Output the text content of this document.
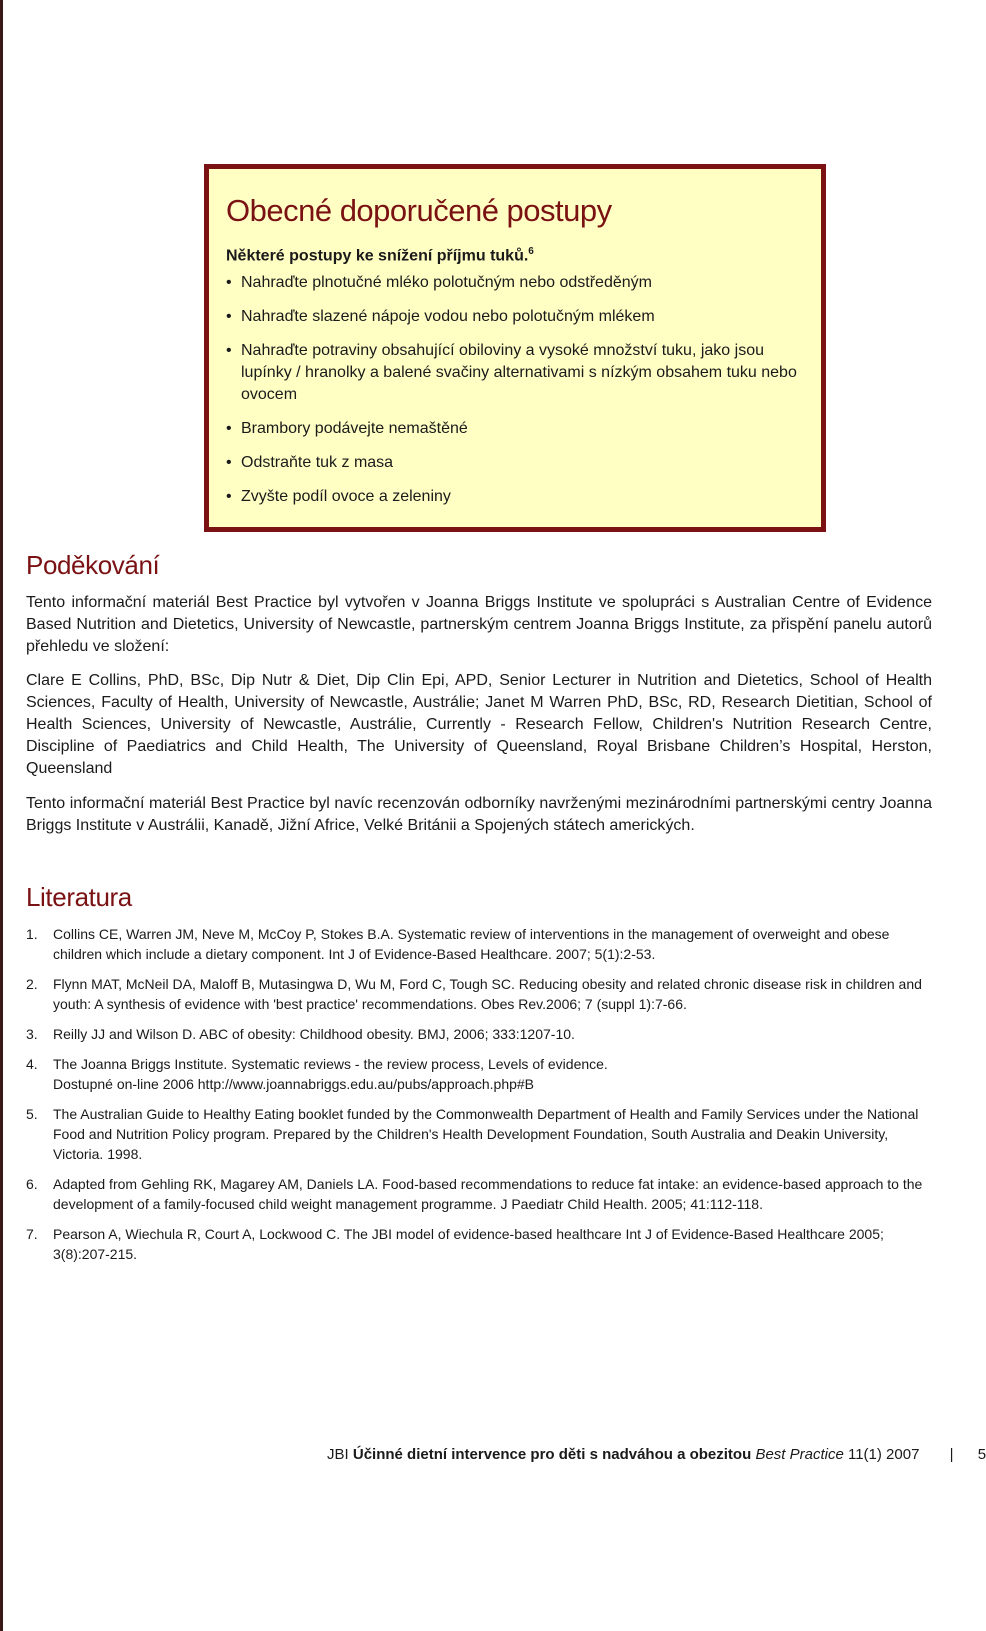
Obecné doporučené postupy
Některé postupy ke snížení příjmu tuků.$^6$
• Nahraďte plnotučné mléko polotučným nebo odstředěným
• Nahraďte slazené nápoje vodou nebo polotučným mlékem
• Nahraďte potraviny obsahující obiloviny a vysoké množství tuku, jako jsou lupínky / hranolky a balené svačiny alternativami s nízkým obsahem tuku nebo ovocem
• Brambory podávejte nemaštěné
• Odstraňte tuk z masa
• Zvyšte podíl ovoce a zeleniny
Poděkování

Tento informační materiál Best Practice byl vytvořen v Joanna Briggs Institute ve spolupráci s Australian Centre of Evidence Based Nutrition and Dietetics, University of Newcastle, partnerským centrem Joanna Briggs Institute, za přispění panelu autorů přehledu ve složení:

Clare E Collins, PhD, BSc, Dip Nutr & Diet, Dip Clin Epi, APD, Senior Lecturer in Nutrition and Dietetics, School of Health Sciences, Faculty of Health, University of Newcastle, Austrálie; Janet M Warren PhD, BSc, RD, Research Dietitian, School of Health Sciences, University of Newcastle, Austrálie, Currently - Research Fellow, Children's Nutrition Research Centre, Discipline of Paediatrics and Child Health, The University of Queensland, Royal Brisbane Children’s Hospital, Herston, Queensland

Tento informační materiál Best Practice byl navíc recenzován odborníky navrženými mezinárodními partnerskými centry Joanna Briggs Institute v Austrálii, Kanadě, Jižní Africe, Velké Británii a Spojených státech amerických.

Literatura
1. Collins CE, Warren JM, Neve M, McCoy P, Stokes B.A. Systematic review of interventions in the management of overweight and obese children which include a dietary component. Int J of Evidence-Based Healthcare. 2007; 5(1):2-53.
2. Flynn MAT, McNeil DA, Maloff B, Mutasingwa D, Wu M, Ford C, Tough SC. Reducing obesity and related chronic disease risk in children and youth: A synthesis of evidence with 'best practice' recommendations. Obes Rev.2006; 7 (suppl 1):7-66.
3. Reilly JJ and Wilson D. ABC of obesity: Childhood obesity. BMJ, 2006; 333:1207-10.
4. The Joanna Briggs Institute. Systematic reviews - the review process, Levels of evidence.
Dostupné on-line 2006 http://www.joannabriggs.edu.au/pubs/approach.php#B
5. The Australian Guide to Healthy Eating booklet funded by the Commonwealth Department of Health and Family Services under the National Food and Nutrition Policy program. Prepared by the Children's Health Development Foundation, South Australia and Deakin University, Victoria. 1998.
6. Adapted from Gehling RK, Magarey AM, Daniels LA. Food-based recommendations to reduce fat intake: an evidence-based approach to the development of a family-focused child weight management programme. J Paediatr Child Health. 2005; 41:112-118.
7. Pearson A, Wiechula R, Court A, Lockwood C. The JBI model of evidence-based healthcare Int J of Evidence-Based Healthcare 2005; 3(8):207-215.
JBI Účinné dietní intervence pro děti s nadváhou a obezitou Best Practice 11(1) 2007 | 5
